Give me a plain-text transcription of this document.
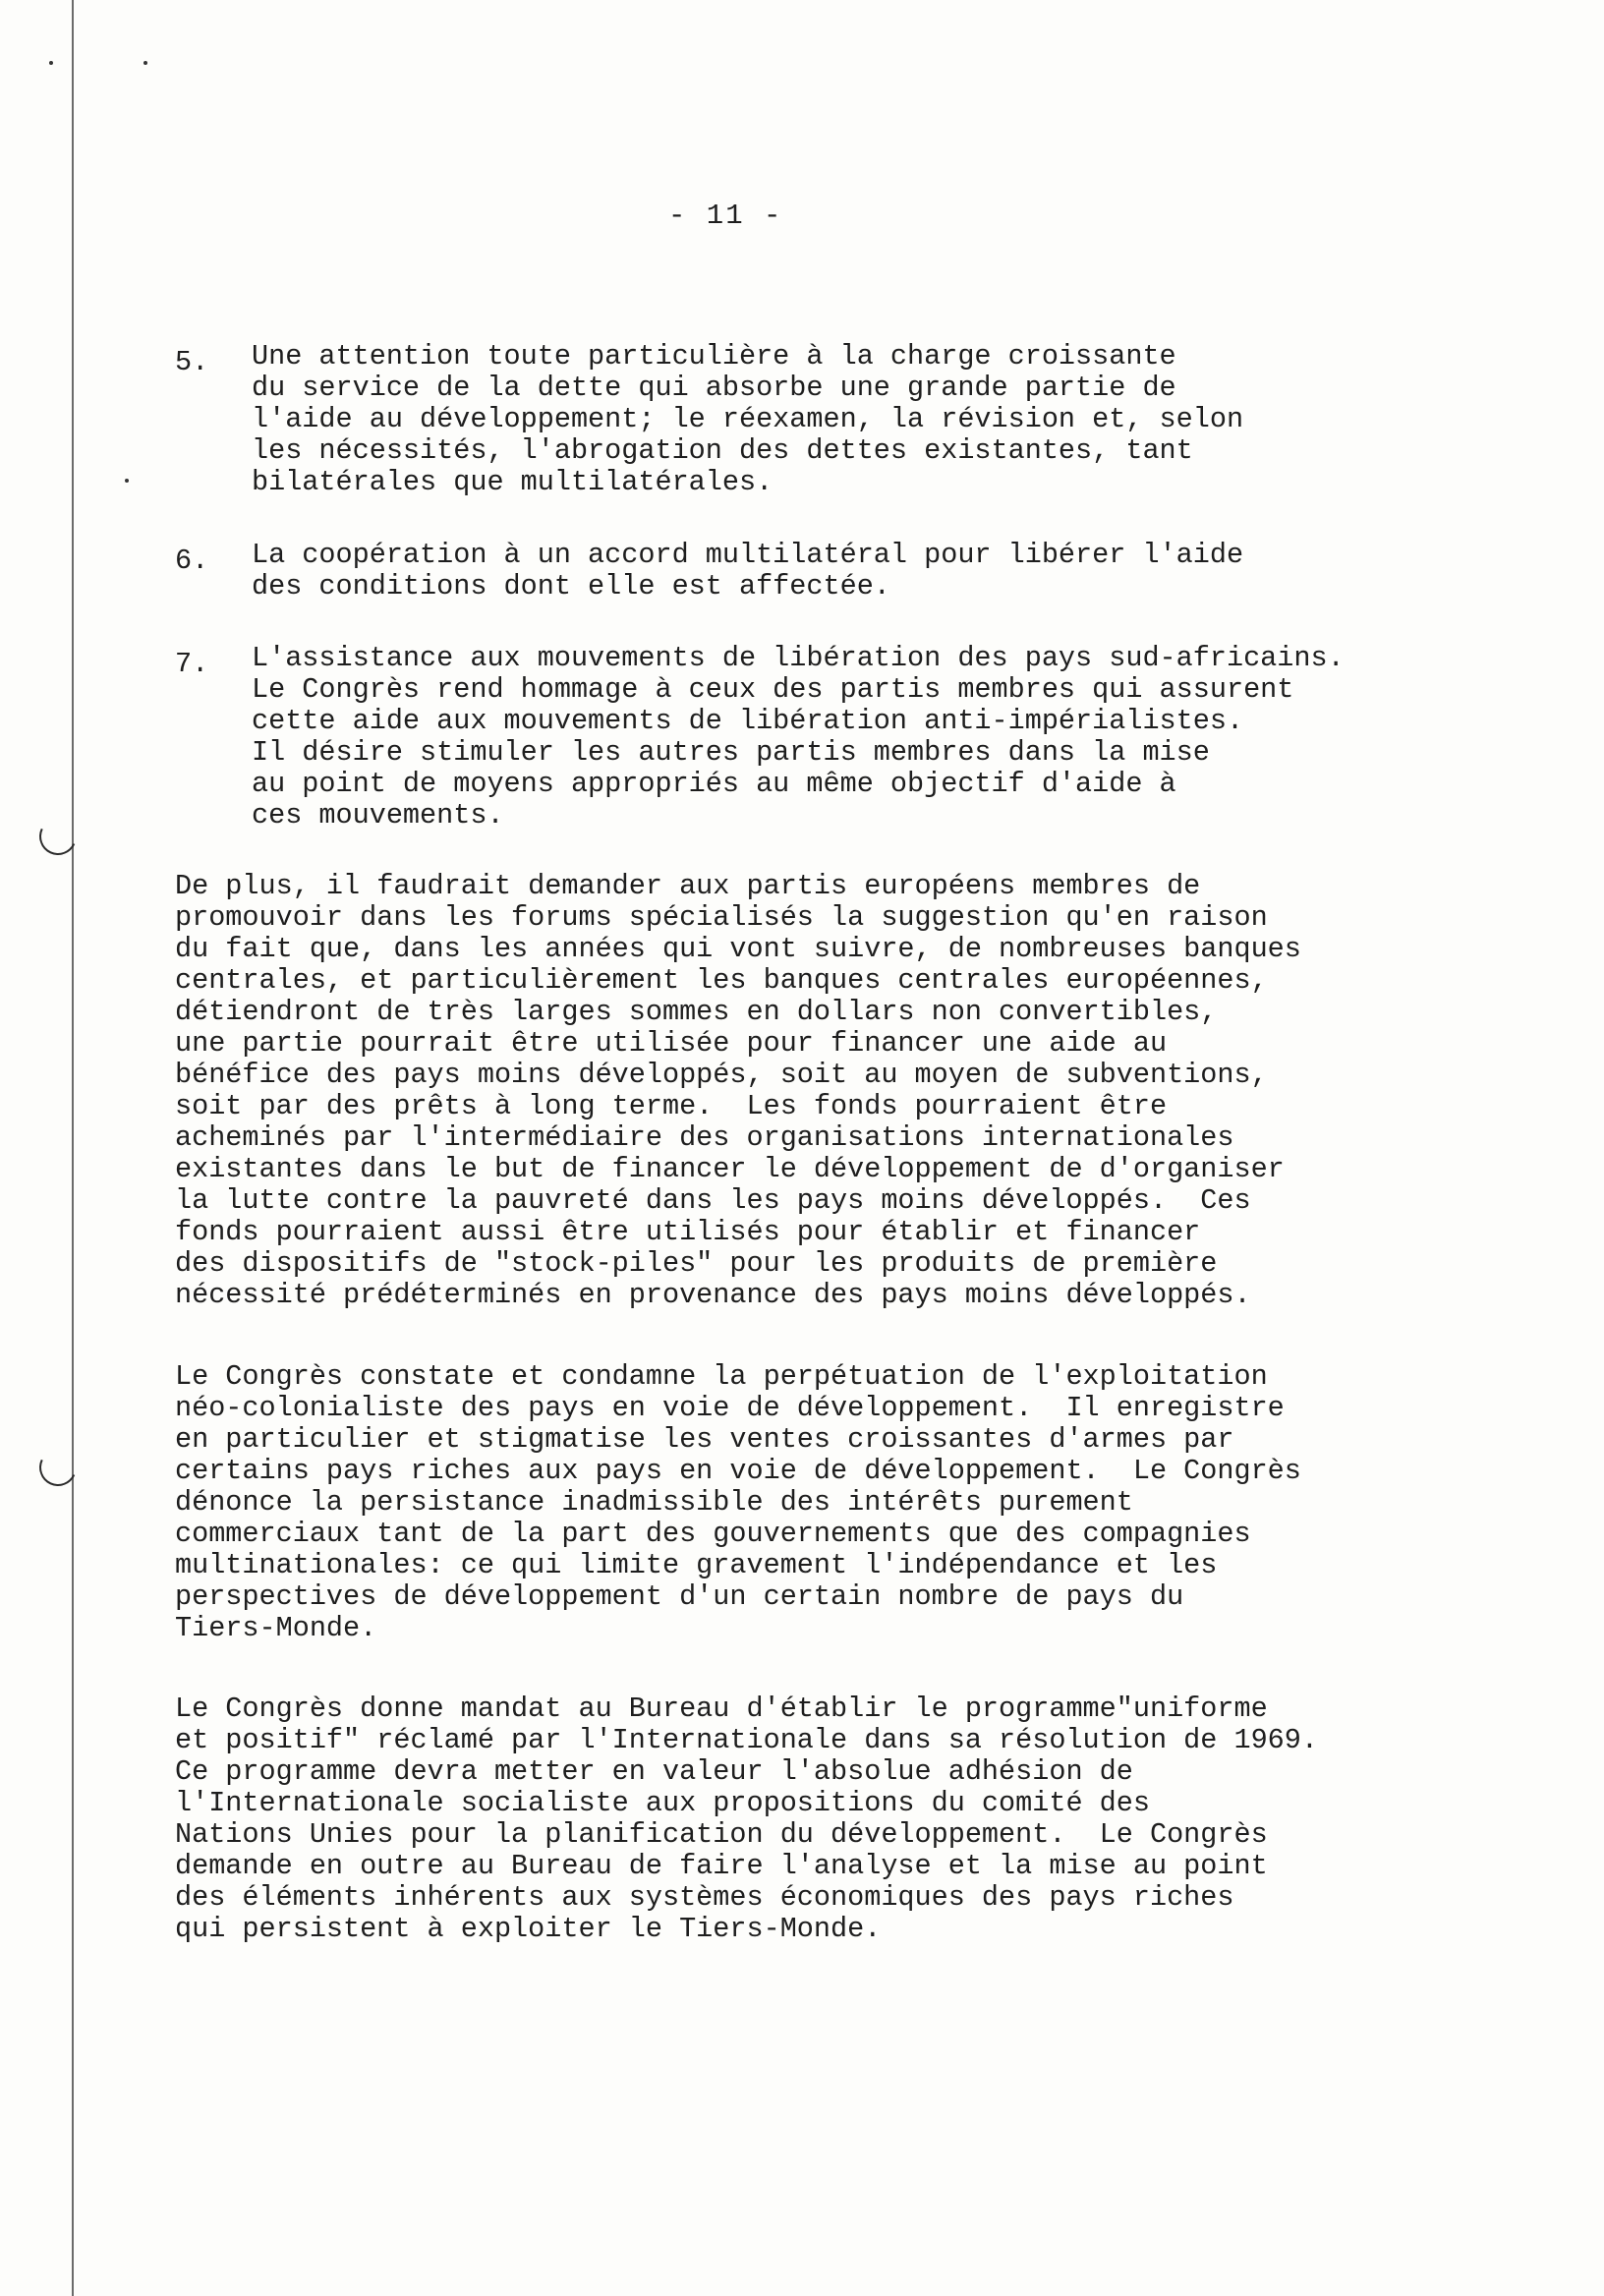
- 11 -
5. Une attention toute particulière à la charge croissante
du service de la dette qui absorbe une grande partie de
l'aide au développement; le réexamen, la révision et, selon
les nécessités, l'abrogation des dettes existantes, tant
bilatérales que multilatérales.
6. La coopération à un accord multilatéral pour libérer l'aide
des conditions dont elle est affectée.
7. L'assistance aux mouvements de libération des pays sud-africains.
Le Congrès rend hommage à ceux des partis membres qui assurent
cette aide aux mouvements de libération anti-impérialistes.
Il désire stimuler les autres partis membres dans la mise
au point de moyens appropriés au même objectif d'aide à
ces mouvements.
De plus, il faudrait demander aux partis européens membres de
promouvoir dans les forums spécialisés la suggestion qu'en raison
du fait que, dans les années qui vont suivre, de nombreuses banques
centrales, et particulièrement les banques centrales européennes,
détiendront de très larges sommes en dollars non convertibles,
une partie pourrait être utilisée pour financer une aide au
bénéfice des pays moins développés, soit au moyen de subventions,
soit par des prêts à long terme.  Les fonds pourraient être
acheminés par l'intermédiaire des organisations internationales
existantes dans le but de financer le développement de d'organiser
la lutte contre la pauvreté dans les pays moins développés.  Ces
fonds pourraient aussi être utilisés pour établir et financer
des dispositifs de "stock-piles" pour les produits de première
nécessité prédéterminés en provenance des pays moins développés.
Le Congrès constate et condamne la perpétuation de l'exploitation
néo-colonialiste des pays en voie de développement.  Il enregistre
en particulier et stigmatise les ventes croissantes d'armes par
certains pays riches aux pays en voie de développement.  Le Congrès
dénonce la persistance inadmissible des intérêts purement
commerciaux tant de la part des gouvernements que des compagnies
multinationales: ce qui limite gravement l'indépendance et les
perspectives de développement d'un certain nombre de pays du
Tiers-Monde.
Le Congrès donne mandat au Bureau d'établir le programme"uniforme
et positif" réclamé par l'Internationale dans sa résolution de 1969.
Ce programme devra metter en valeur l'absolue adhésion de
l'Internationale socialiste aux propositions du comité des
Nations Unies pour la planification du développement.  Le Congrès
demande en outre au Bureau de faire l'analyse et la mise au point
des éléments inhérents aux systèmes économiques des pays riches
qui persistent à exploiter le Tiers-Monde.
